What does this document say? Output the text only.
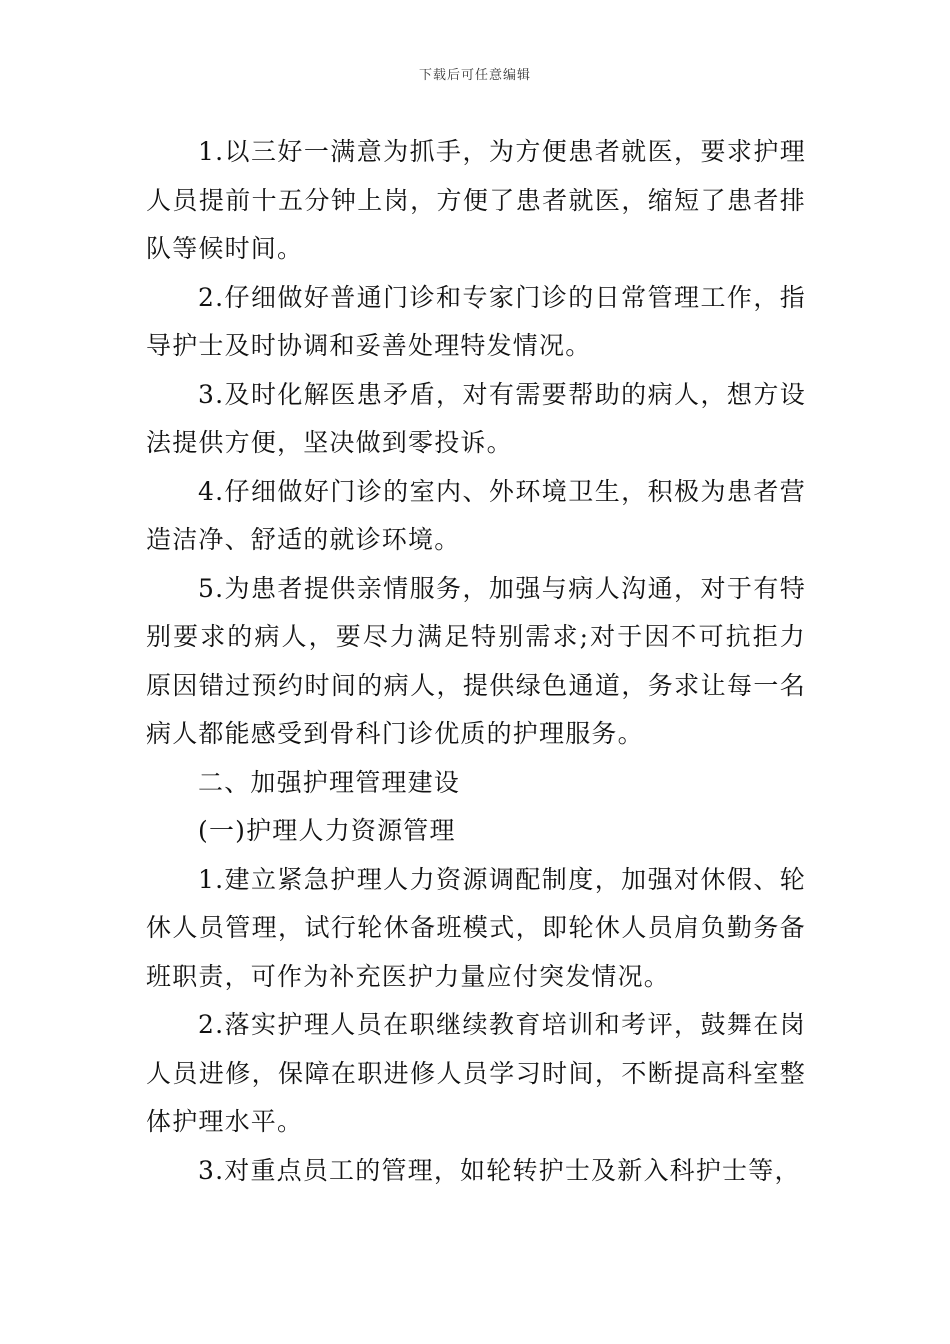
下载后可任意编辑

1.以三好一满意为抓手，为方便患者就医，要求护理人员提前十五分钟上岗，方便了患者就医，缩短了患者排队等候时间。

2.仔细做好普通门诊和专家门诊的日常管理工作，指导护士及时协调和妥善处理特发情况。

3.及时化解医患矛盾，对有需要帮助的病人，想方设法提供方便，坚决做到零投诉。

4.仔细做好门诊的室内、外环境卫生，积极为患者营造洁净、舒适的就诊环境。

5.为患者提供亲情服务，加强与病人沟通，对于有特别要求的病人，要尽力满足特别需求;对于因不可抗拒力原因错过预约时间的病人，提供绿色通道，务求让每一名病人都能感受到骨科门诊优质的护理服务。

二、加强护理管理建设

(一)护理人力资源管理

1.建立紧急护理人力资源调配制度，加强对休假、轮休人员管理，试行轮休备班模式，即轮休人员肩负勤务备班职责，可作为补充医护力量应付突发情况。

2.落实护理人员在职继续教育培训和考评，鼓舞在岗人员进修，保障在职进修人员学习时间，不断提高科室整体护理水平。

3.对重点员工的管理，如轮转护士及新入科护士等，
